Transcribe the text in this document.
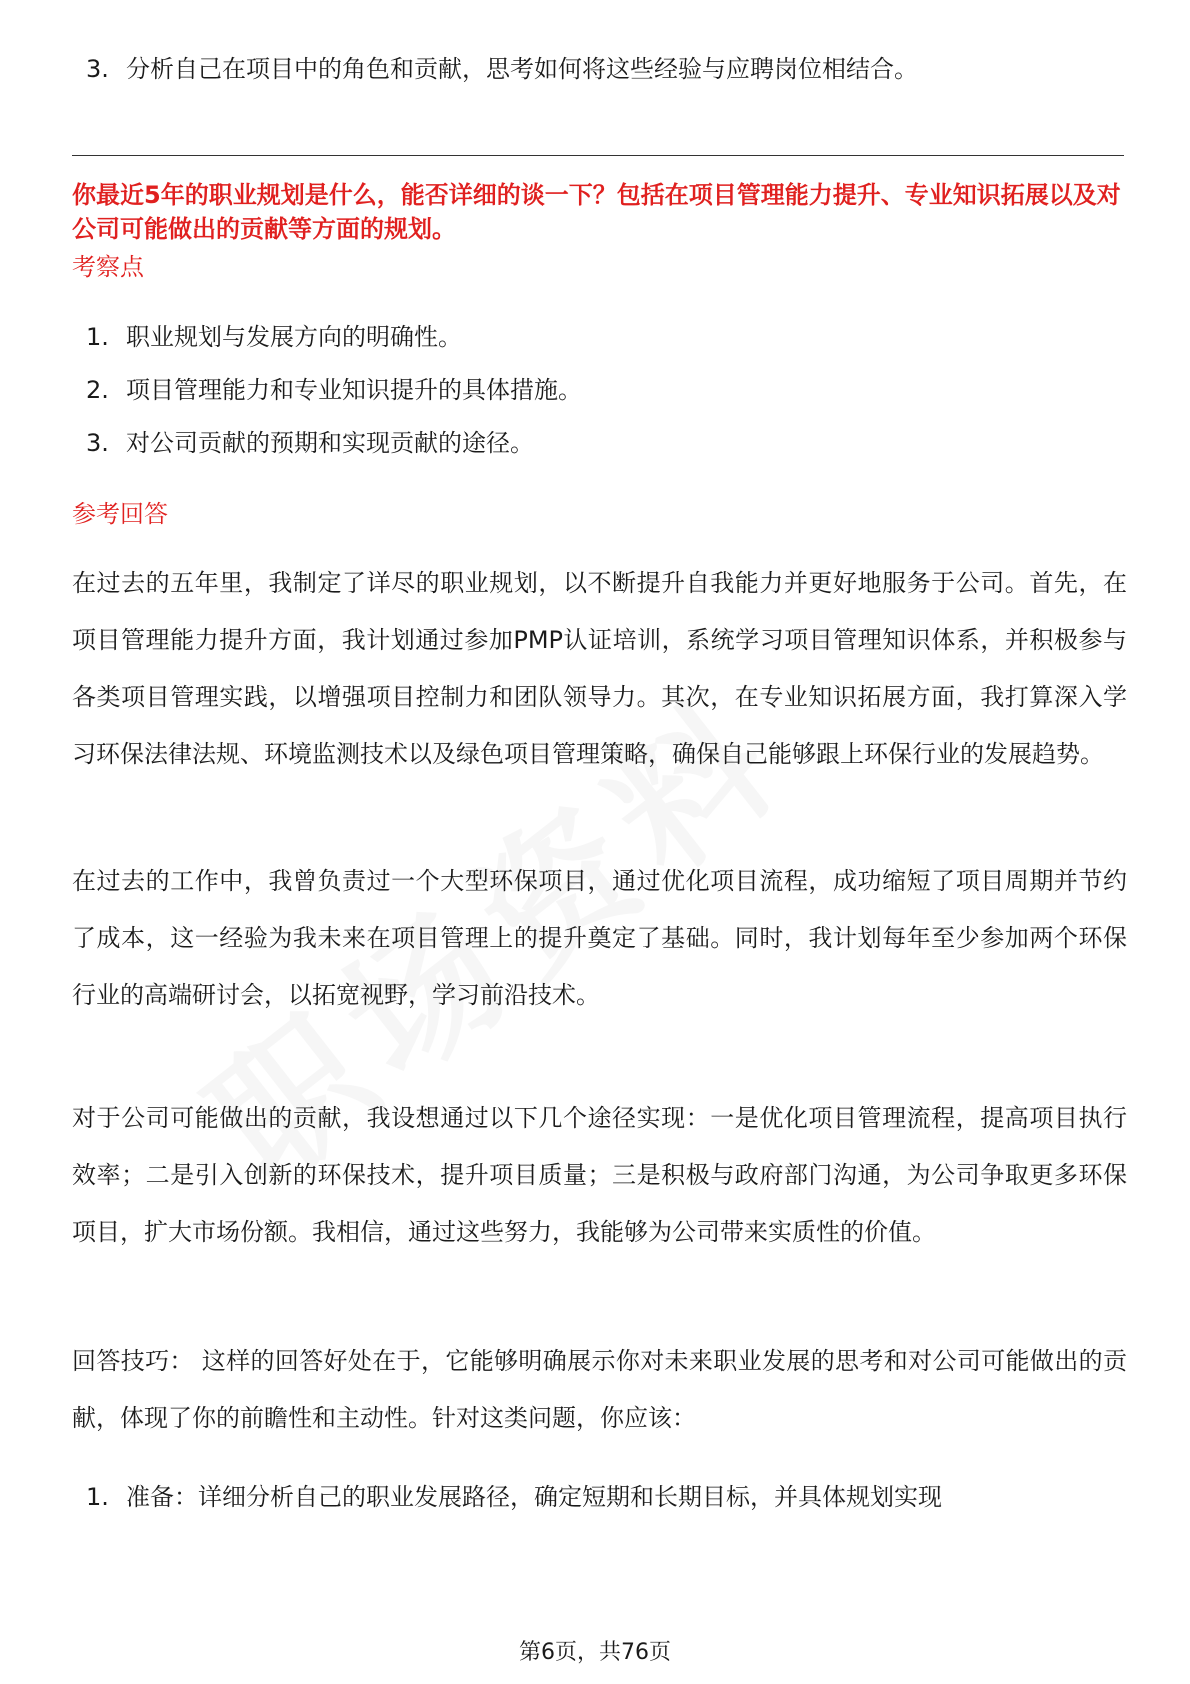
3. 分析自己在项目中的角色和贡献，思考如何将这些经验与应聘岗位相结合。
你最近5年的职业规划是什么，能否详细的谈一下？包括在项目管理能力提升、专业知识拓展以及对公司可能做出的贡献等方面的规划。
考察点
1. 职业规划与发展方向的明确性。
2. 项目管理能力和专业知识提升的具体措施。
3. 对公司贡献的预期和实现贡献的途径。
参考回答

在过去的五年里，我制定了详尽的职业规划，以不断提升自我能力并更好地服务于公司。首先，在项目管理能力提升方面，我计划通过参加PMP认证培训，系统学习项目管理知识体系，并积极参与各类项目管理实践，以增强项目控制力和团队领导力。其次，在专业知识拓展方面，我打算深入学习环保法律法规、环境监测技术以及绿色项目管理策略，确保自己能够跟上环保行业的发展趋势。

在过去的工作中，我曾负责过一个大型环保项目，通过优化项目流程，成功缩短了项目周期并节约了成本，这一经验为我未来在项目管理上的提升奠定了基础。同时，我计划每年至少参加两个环保行业的高端研讨会，以拓宽视野，学习前沿技术。

对于公司可能做出的贡献，我设想通过以下几个途径实现：一是优化项目管理流程，提高项目执行效率；二是引入创新的环保技术，提升项目质量；三是积极与政府部门沟通，为公司争取更多环保项目，扩大市场份额。我相信，通过这些努力，我能够为公司带来实质性的价值。

回答技巧： 这样的回答好处在于，它能够明确展示你对未来职业发展的思考和对公司可能做出的贡献，体现了你的前瞻性和主动性。针对这类问题，你应该：

1. 准备：详细分析自己的职业发展路径，确定短期和长期目标，并具体规划实现
第6页，共76页
